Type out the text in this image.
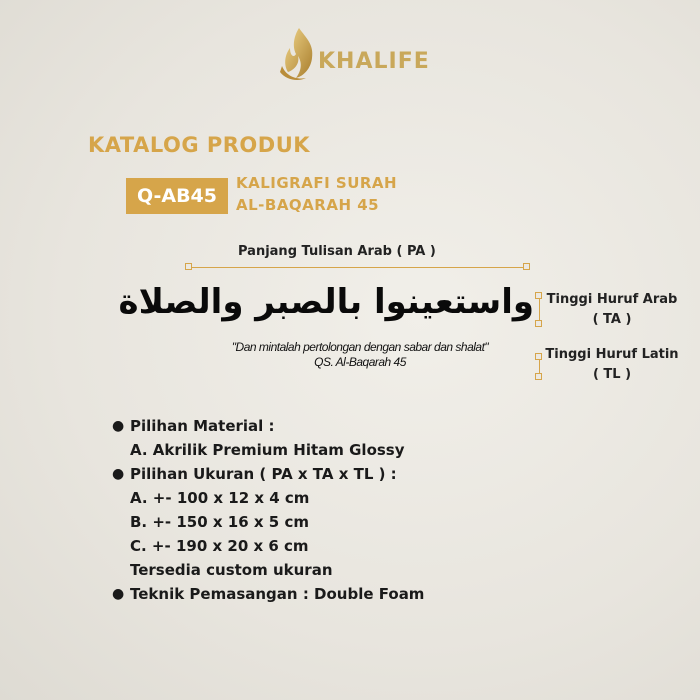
KHALIFE
KATALOG PRODUK
Q-AB45
KALIGRAFI SURAH
AL-BAQARAH 45
Panjang Tulisan Arab ( PA )
واستعينوا بالصبر والصلاة
"Dan mintalah pertolongan dengan sabar dan shalat"
QS. Al-Baqarah 45
Tinggi Huruf Arab
( TA )
Tinggi Huruf Latin
( TL )
● Pilihan Material :
A. Akrilik Premium Hitam Glossy
● Pilihan Ukuran ( PA x TA x TL ) :
A. +- 100 x 12 x 4 cm
B. +- 150 x 16 x 5 cm
C. +- 190 x 20 x 6 cm
Tersedia custom ukuran
● Teknik Pemasangan : Double Foam
